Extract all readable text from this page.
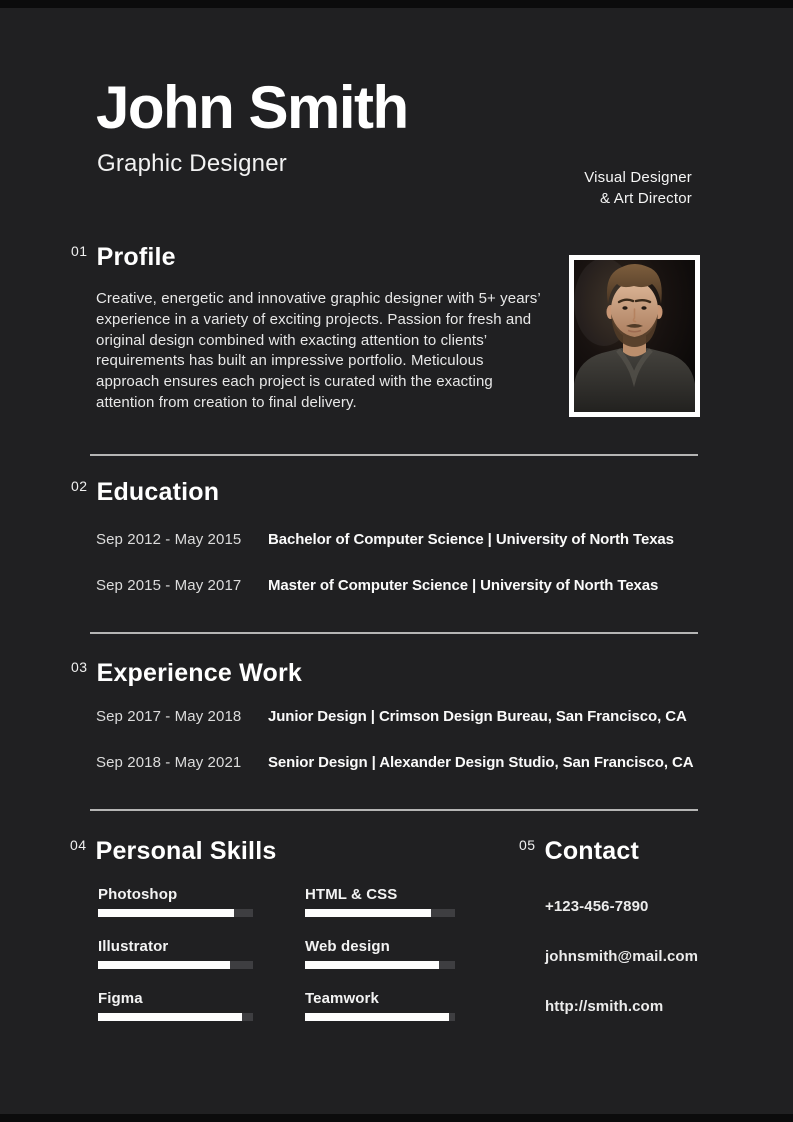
John Smith
Graphic Designer
Visual Designer
& Art Director
01 Profile

Creative, energetic and innovative graphic designer with 5+ years’ experience in a variety of exciting projects. Passion for fresh and original design combined with exacting attention to clients’ requirements has built an impressive portfolio. Meticulous approach ensures each project is curated with the exacting attention from creation to final delivery.

02 Education
Sep 2012 - May 2015	Bachelor of Computer Science | University of North Texas
Sep 2015 - May 2017	Master of Computer Science | University of North Texas
03 Experience Work
Sep 2017 - May 2018	Junior Design | Crimson Design Bureau, San Francisco, CA
Sep 2018 - May 2021	Senior Design | Alexander Design Studio, San Francisco, CA
04 Personal Skills
Photoshop
Illustrator
Figma
HTML & CSS
Web design
Teamwork
05 Contact
+123-456-7890
johnsmith@mail.com
http://smith.com
